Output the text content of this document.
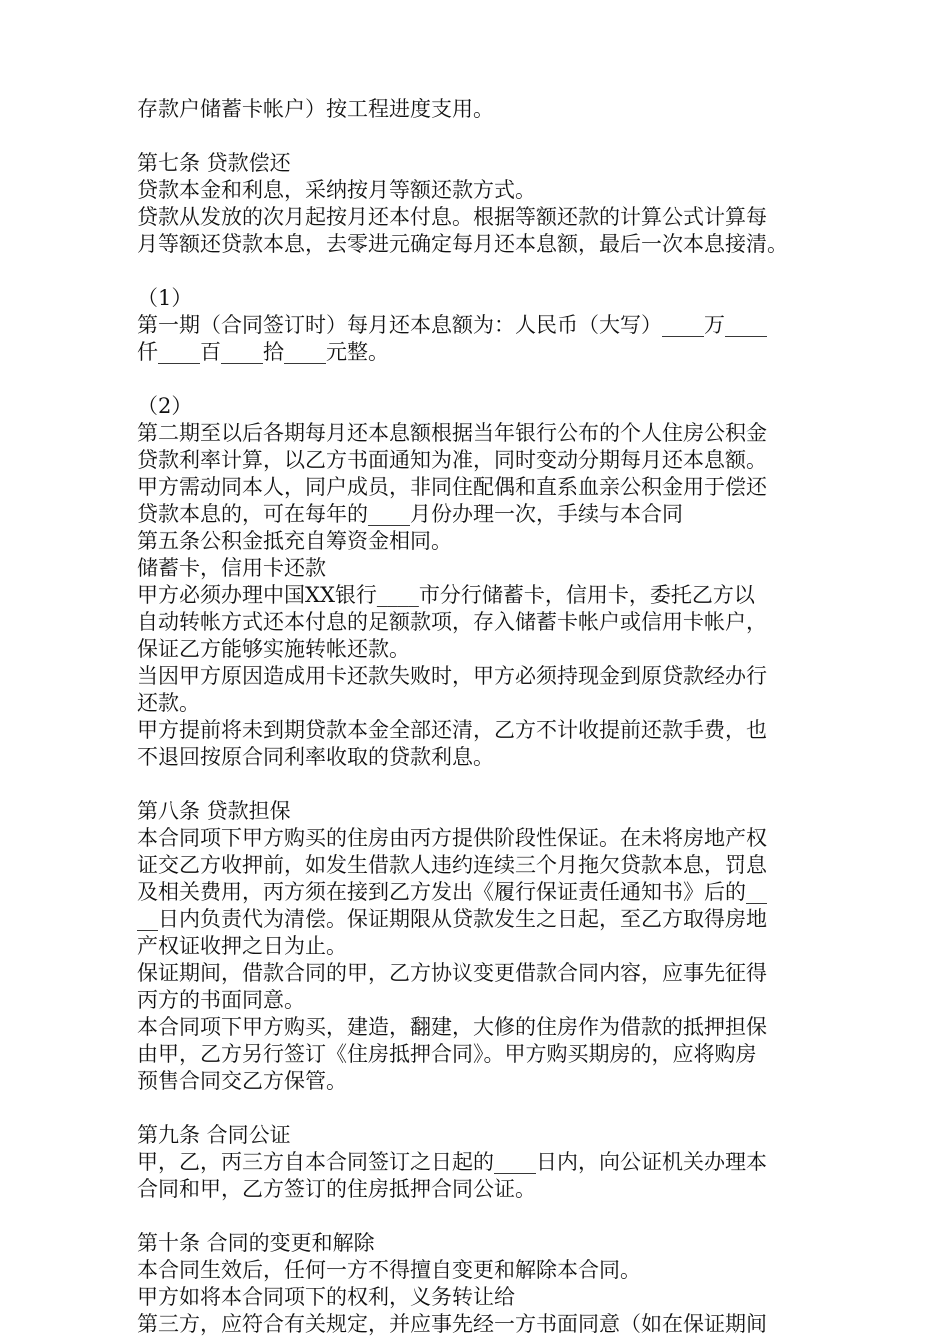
存款户储蓄卡帐户）按工程进度支用。
第七条 贷款偿还
贷款本金和利息，采纳按月等额还款方式。
贷款从发放的次月起按月还本付息。根据等额还款的计算公式计算每
月等额还贷款本息，去零进元确定每月还本息额，最后一次本息接清。
（1）
第一期（合同签订时）每月还本息额为：人民币（大写）____万____
仟____百____拾____元整。
（2）
第二期至以后各期每月还本息额根据当年银行公布的个人住房公积金
贷款利率计算，以乙方书面通知为准，同时变动分期每月还本息额。
甲方需动同本人，同户成员，非同住配偶和直系血亲公积金用于偿还
贷款本息的，可在每年的____月份办理一次，手续与本合同
第五条公积金抵充自筹资金相同。
储蓄卡，信用卡还款
甲方必须办理中国XX银行____市分行储蓄卡，信用卡，委托乙方以
自动转帐方式还本付息的足额款项，存入储蓄卡帐户或信用卡帐户，
保证乙方能够实施转帐还款。
当因甲方原因造成用卡还款失败时，甲方必须持现金到原贷款经办行
还款。
甲方提前将未到期贷款本金全部还清，乙方不计收提前还款手费，也
不退回按原合同利率收取的贷款利息。
第八条 贷款担保
本合同项下甲方购买的住房由丙方提供阶段性保证。在未将房地产权
证交乙方收押前，如发生借款人违约连续三个月拖欠贷款本息，罚息
及相关费用，丙方须在接到乙方发出《履行保证责任通知书》后的__
__日内负责代为清偿。保证期限从贷款发生之日起，至乙方取得房地
产权证收押之日为止。
保证期间，借款合同的甲，乙方协议变更借款合同内容，应事先征得
丙方的书面同意。
本合同项下甲方购买，建造，翻建，大修的住房作为借款的抵押担保
由甲，乙方另行签订《住房抵押合同》。甲方购买期房的，应将购房
预售合同交乙方保管。
第九条 合同公证
甲，乙，丙三方自本合同签订之日起的____日内，向公证机关办理本
合同和甲，乙方签订的住房抵押合同公证。
第十条 合同的变更和解除
本合同生效后，任何一方不得擅自变更和解除本合同。
甲方如将本合同项下的权利，义务转让给
第三方，应符合有关规定，并应事先经一方书面同意（如在保证期间
